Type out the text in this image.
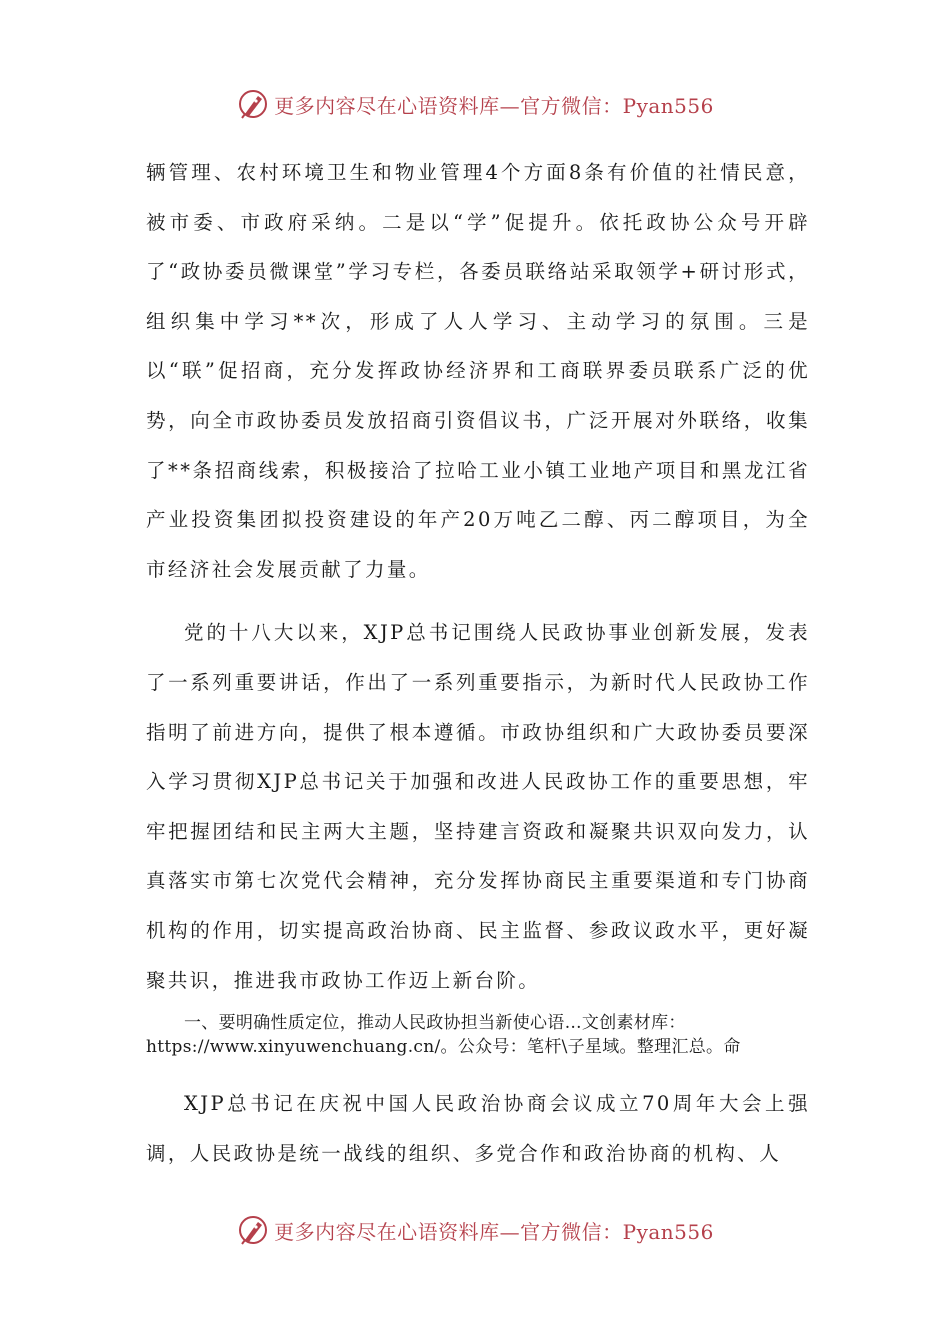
更多内容尽在心语资料库—官方微信：Pyan556

辆管理、农村环境卫生和物业管理4个方面8条有价值的社情民意，被市委、市政府采纳。二是以“学”促提升。依托政协公众号开辟了“政协委员微课堂”学习专栏，各委员联络站采取领学+研讨形式，组织集中学习**次，形成了人人学习、主动学习的氛围。三是以“联”促招商，充分发挥政协经济界和工商联界委员联系广泛的优势，向全市政协委员发放招商引资倡议书，广泛开展对外联络，收集了**条招商线索，积极接洽了拉哈工业小镇工业地产项目和黑龙江省产业投资集团拟投资建设的年产20万吨乙二醇、丙二醇项目，为全市经济社会发展贡献了力量。

党的十八大以来，XJP总书记围绕人民政协事业创新发展，发表了一系列重要讲话，作出了一系列重要指示，为新时代人民政协工作指明了前进方向，提供了根本遵循。市政协组织和广大政协委员要深入学习贯彻XJP总书记关于加强和改进人民政协工作的重要思想，牢牢把握团结和民主两大主题，坚持建言资政和凝聚共识双向发力，认真落实市第七次党代会精神，充分发挥协商民主重要渠道和专门协商机构的作用，切实提高政治协商、民主监督、参政议政水平，更好凝聚共识，推进我市政协工作迈上新台阶。

一、要明确性质定位，推动人民政协担当新使心语…文创素材库：

https://www.xinyuwenchuang.cn/。公众号：笔杆\子星域。整理汇总。命

XJP总书记在庆祝中国人民政治协商会议成立70周年大会上强调，人民政协是统一战线的组织、多党合作和政治协商的机构、人

更多内容尽在心语资料库—官方微信：Pyan556
